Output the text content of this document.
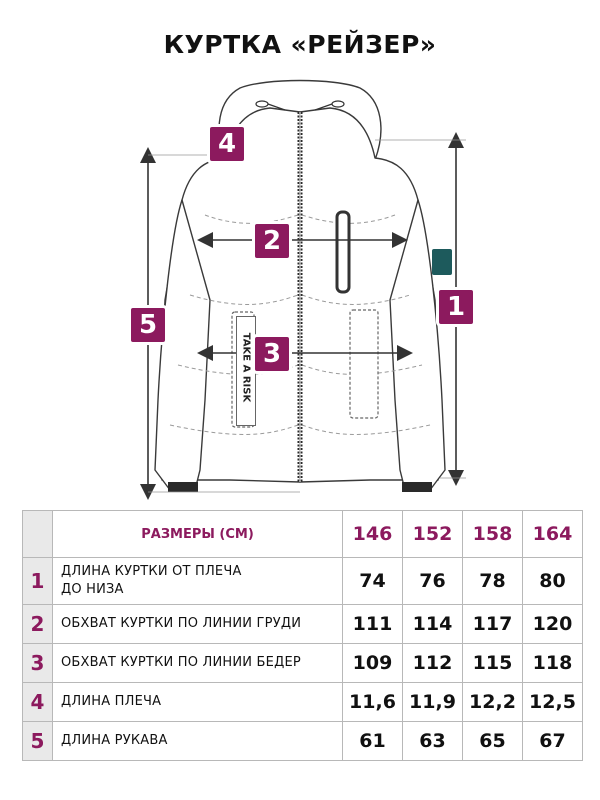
КУРТКА «РЕЙЗЕР»
TAKE A RISK
1
2
3
4
5
	РАЗМЕРЫ (СМ)	146	152	158	164
1	ДЛИНА КУРТКИ ОТ ПЛЕЧА
ДО НИЗА	74	76	78	80
2	ОБХВАТ КУРТКИ ПО ЛИНИИ ГРУДИ	111	114	117	120
3	ОБХВАТ КУРТКИ ПО ЛИНИИ БЕДЕР	109	112	115	118
4	ДЛИНА ПЛЕЧА	11,6	11,9	12,2	12,5
5	ДЛИНА РУКАВА	61	63	65	67
